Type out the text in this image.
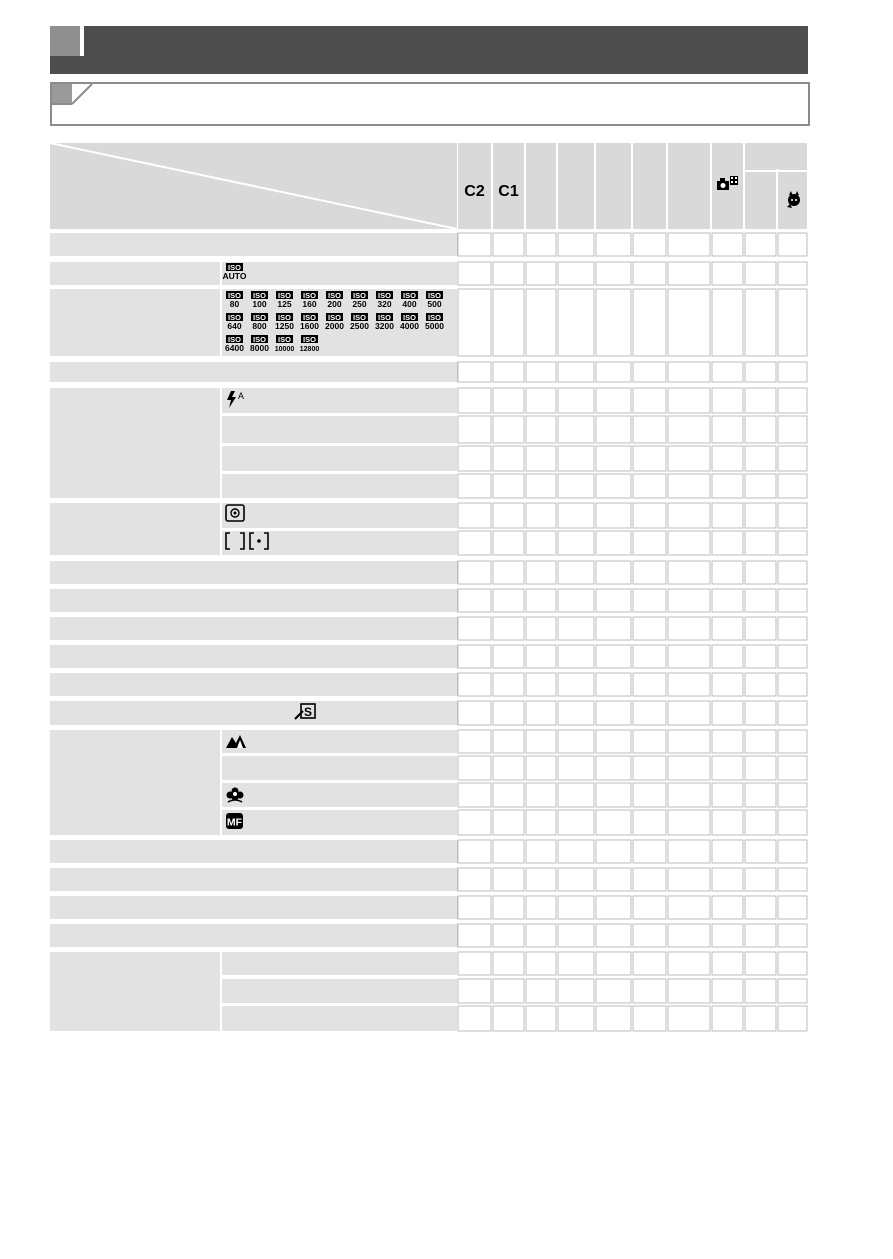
C2 C1
ISO
AUTO
ISO
80
ISO
100
ISO
125
ISO
160
ISO
200
ISO
250
ISO
320
ISO
400
ISO
500
ISO
640
ISO
800
ISO
1250
ISO
1600
ISO
2000
ISO
2500
ISO
3200
ISO
4000
ISO
5000
ISO
6400
ISO
8000
ISO
10000
ISO
12800
A
S
MF
